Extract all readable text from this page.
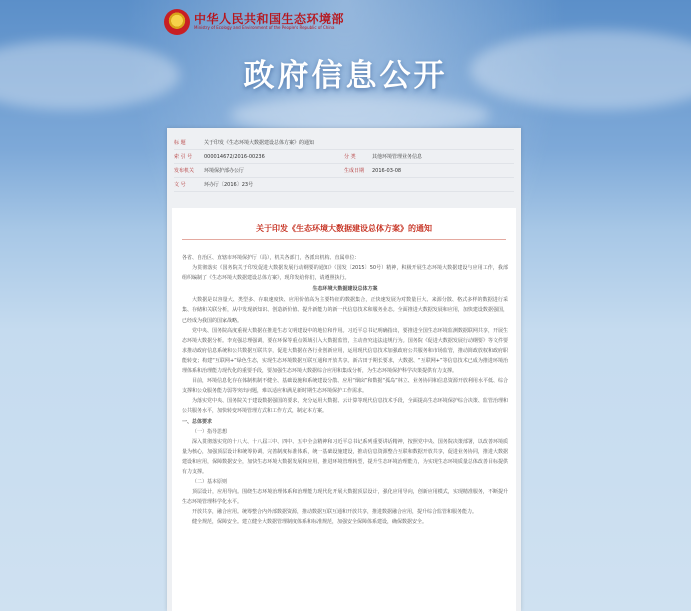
中华人民共和国生态环境部
Ministry of Ecology and Environment of the People's Republic of China
政府信息公开
标 题	关于印发《生态环境大数据建设总体方案》的通知
索 引 号	000014672/2016-00236	分 类	其他环境管理业务信息
发布机关	环境保护部办公厅	生成日期	2016-03-08
文 号	环办厅〔2016〕23号
关于印发《生态环境大数据建设总体方案》的通知

各省、自治区、直辖市环境保护厅（局），机关各部门，各派出机构、直属单位：

为贯彻落实《国务院关于印发促进大数据发展行动纲要的通知》（国发〔2015〕50号）精神，积极开展生态环境大数据建设与应用工作，我部组织编制了《生态环境大数据建设总体方案》，现印发给你们，请遵照执行。

生态环境大数据建设总体方案

大数据是以容量大、类型多、存取速度快、应用价值高为主要特征的数据集合，正快速发展为对数量巨大、来源分散、格式多样的数据进行采集、存储和关联分析，从中发现新知识、创造新价值、提升新能力的新一代信息技术和服务业态。全面推进大数据发展和应用，加快建设数据强国，已经成为我国的国家战略。

党中央、国务院高度重视大数据在推进生态文明建设中的地位和作用。习近平总书记明确指出，要推进全国生态环境监测数据联网共享，开展生态环境大数据分析。李克强总理强调，要在环保等重点领域引入大数据监管，主动查究违法违规行为。国务院《促进大数据发展行动纲要》等文件要求推动政府信息系统和公共数据互联共享，促进大数据在各行业创新应用，运用现代信息技术加强政府公共服务和市场监管，推动简政放权和政府职能转变；构建“互联网+”绿色生态，实现生态环境数据互联互通和开放共享。新古田于期长要求，大数据、“互联网+”等信息技术已成为推进环境治理体系和治理能力现代化的重要手段，要加强生态环境大数据综合应用和集成分析，为生态环境保护科学决策提供有力支撑。

目前，环境信息化存在体制机制不健全、基础设施和系统建设分散、应用“烟囱”和数据“孤岛”林立、业务协同和信息资源开放利用水平低、综合支撑和公众服务能力弱等突出问题，难以适应和满足新时期生态环境保护工作需求。

为落实党中央、国务院关于建设数据强国的要求，充分运用大数据、云计算等现代信息技术手段，全面提高生态环境保护综合决策、监管治理和公共服务水平，加快转变环境管理方式和工作方式，制定本方案。

一、总体要求

（一）指导思想

深入贯彻落实党的十八大、十八届三中、四中、五中全会精神和习近平总书记系列重要讲话精神，按照党中央、国务院决策部署，以改善环境质量为核心，加强顶层设计和统筹协调，完善制度标准体系，统一基础设施建设，推动信息资源整合互联和数据开放共享，促进业务协同，推进大数据建设和应用，保障数据安全，加快生态环境大数据发展和应用，推进环境管理转型，提升生态环境治理能力，为实现生态环境质量总体改善目标提供有力支撑。

（二）基本原则

顶层设计，应用导向。围绕生态环境治理体系和治理能力现代化开展大数据顶层设计，强化应用导向，创新应用模式，实现精准服务，不断提升生态环境管理科学化水平。

开放共享，融合应用。统筹整合内外部数据资源，推动数据互联互通和开放共享，推进数据融合应用，提升综合监管和服务能力。

健全规范，保障安全。建立健全大数据管理制度体系和标准规范，加强安全保障体系建设，确保数据安全。
